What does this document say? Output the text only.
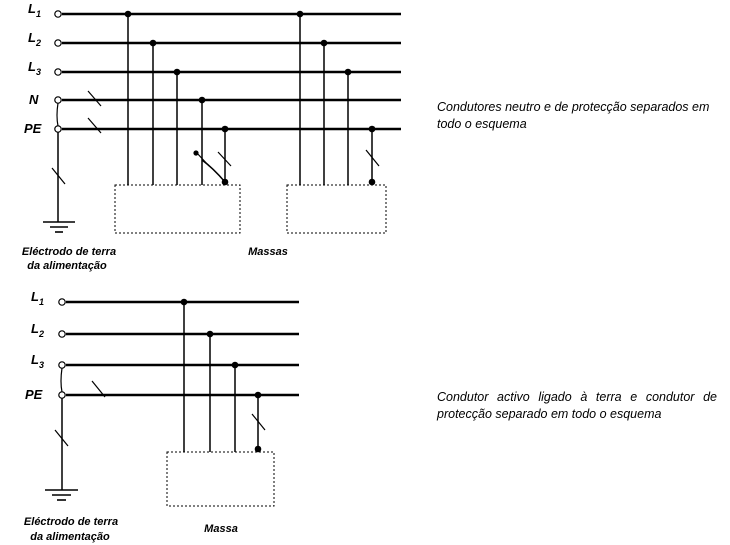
$L_1$
$L_2$
$L_3$
N
PE
Eléctrodo de terra
da alimentação
Massas
$L_1$
$L_2$
$L_3$
PE
Eléctrodo de terra
da alimentação
Massa
Condutores neutro e de protecção separados em todo o esquema
Condutor activo ligado à terra e condutor de protecção separado em todo o esquema
